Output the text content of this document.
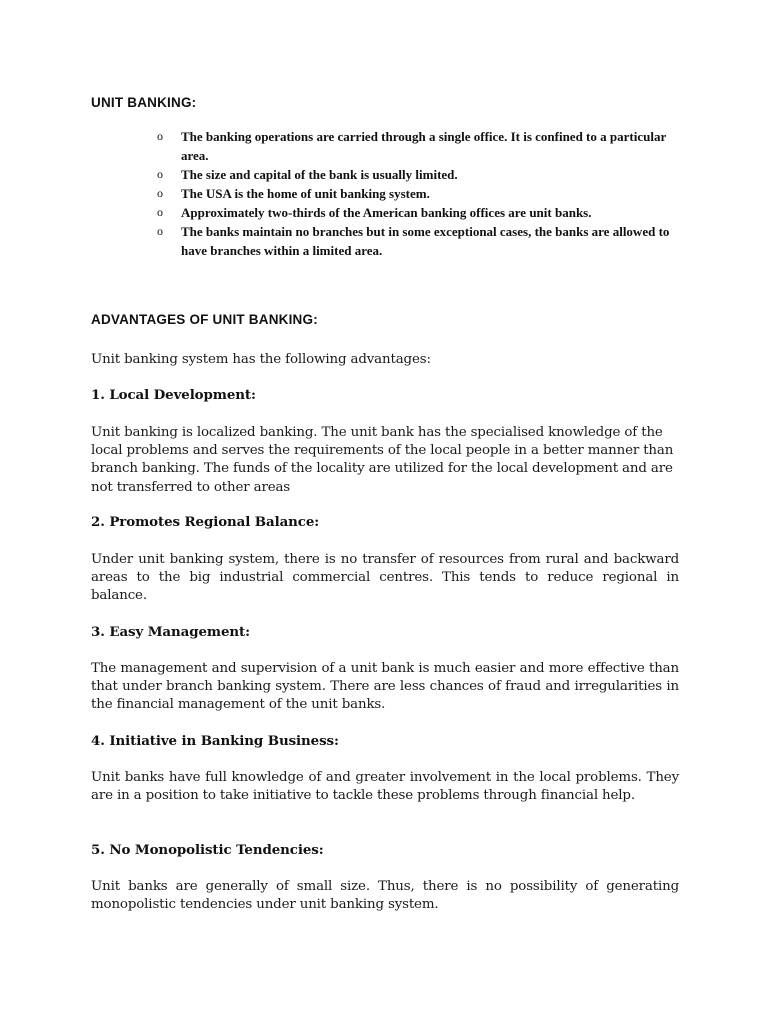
UNIT BANKING:
o The banking operations are carried through a single office. It is confined to a particular area.
o The size and capital of the bank is usually limited.
o The USA is the home of unit banking system.
o Approximately two-thirds of the American banking offices are unit banks.
o The banks maintain no branches but in some exceptional cases, the banks are allowed to have branches within a limited area.
ADVANTAGES OF UNIT BANKING:

Unit banking system has the following advantages:

1. Local Development:

Unit banking is localized banking. The unit bank has the specialised knowledge of the local problems and serves the requirements of the local people in a better manner than branch banking. The funds of the locality are utilized for the local development and are not transferred to other areas

2. Promotes Regional Balance:

Under unit banking system, there is no transfer of resources from rural and backward areas to the big industrial commercial centres. This tends to reduce regional in balance.

3. Easy Management:

The management and supervision of a unit bank is much easier and more effective than that under branch banking system. There are less chances of fraud and irregularities in the financial management of the unit banks.

4. Initiative in Banking Business:

Unit banks have full knowledge of and greater involvement in the local problems. They are in a position to take initiative to tackle these problems through financial help.

5. No Monopolistic Tendencies:

Unit banks are generally of small size. Thus, there is no possibility of generating monopolistic tendencies under unit banking system.
